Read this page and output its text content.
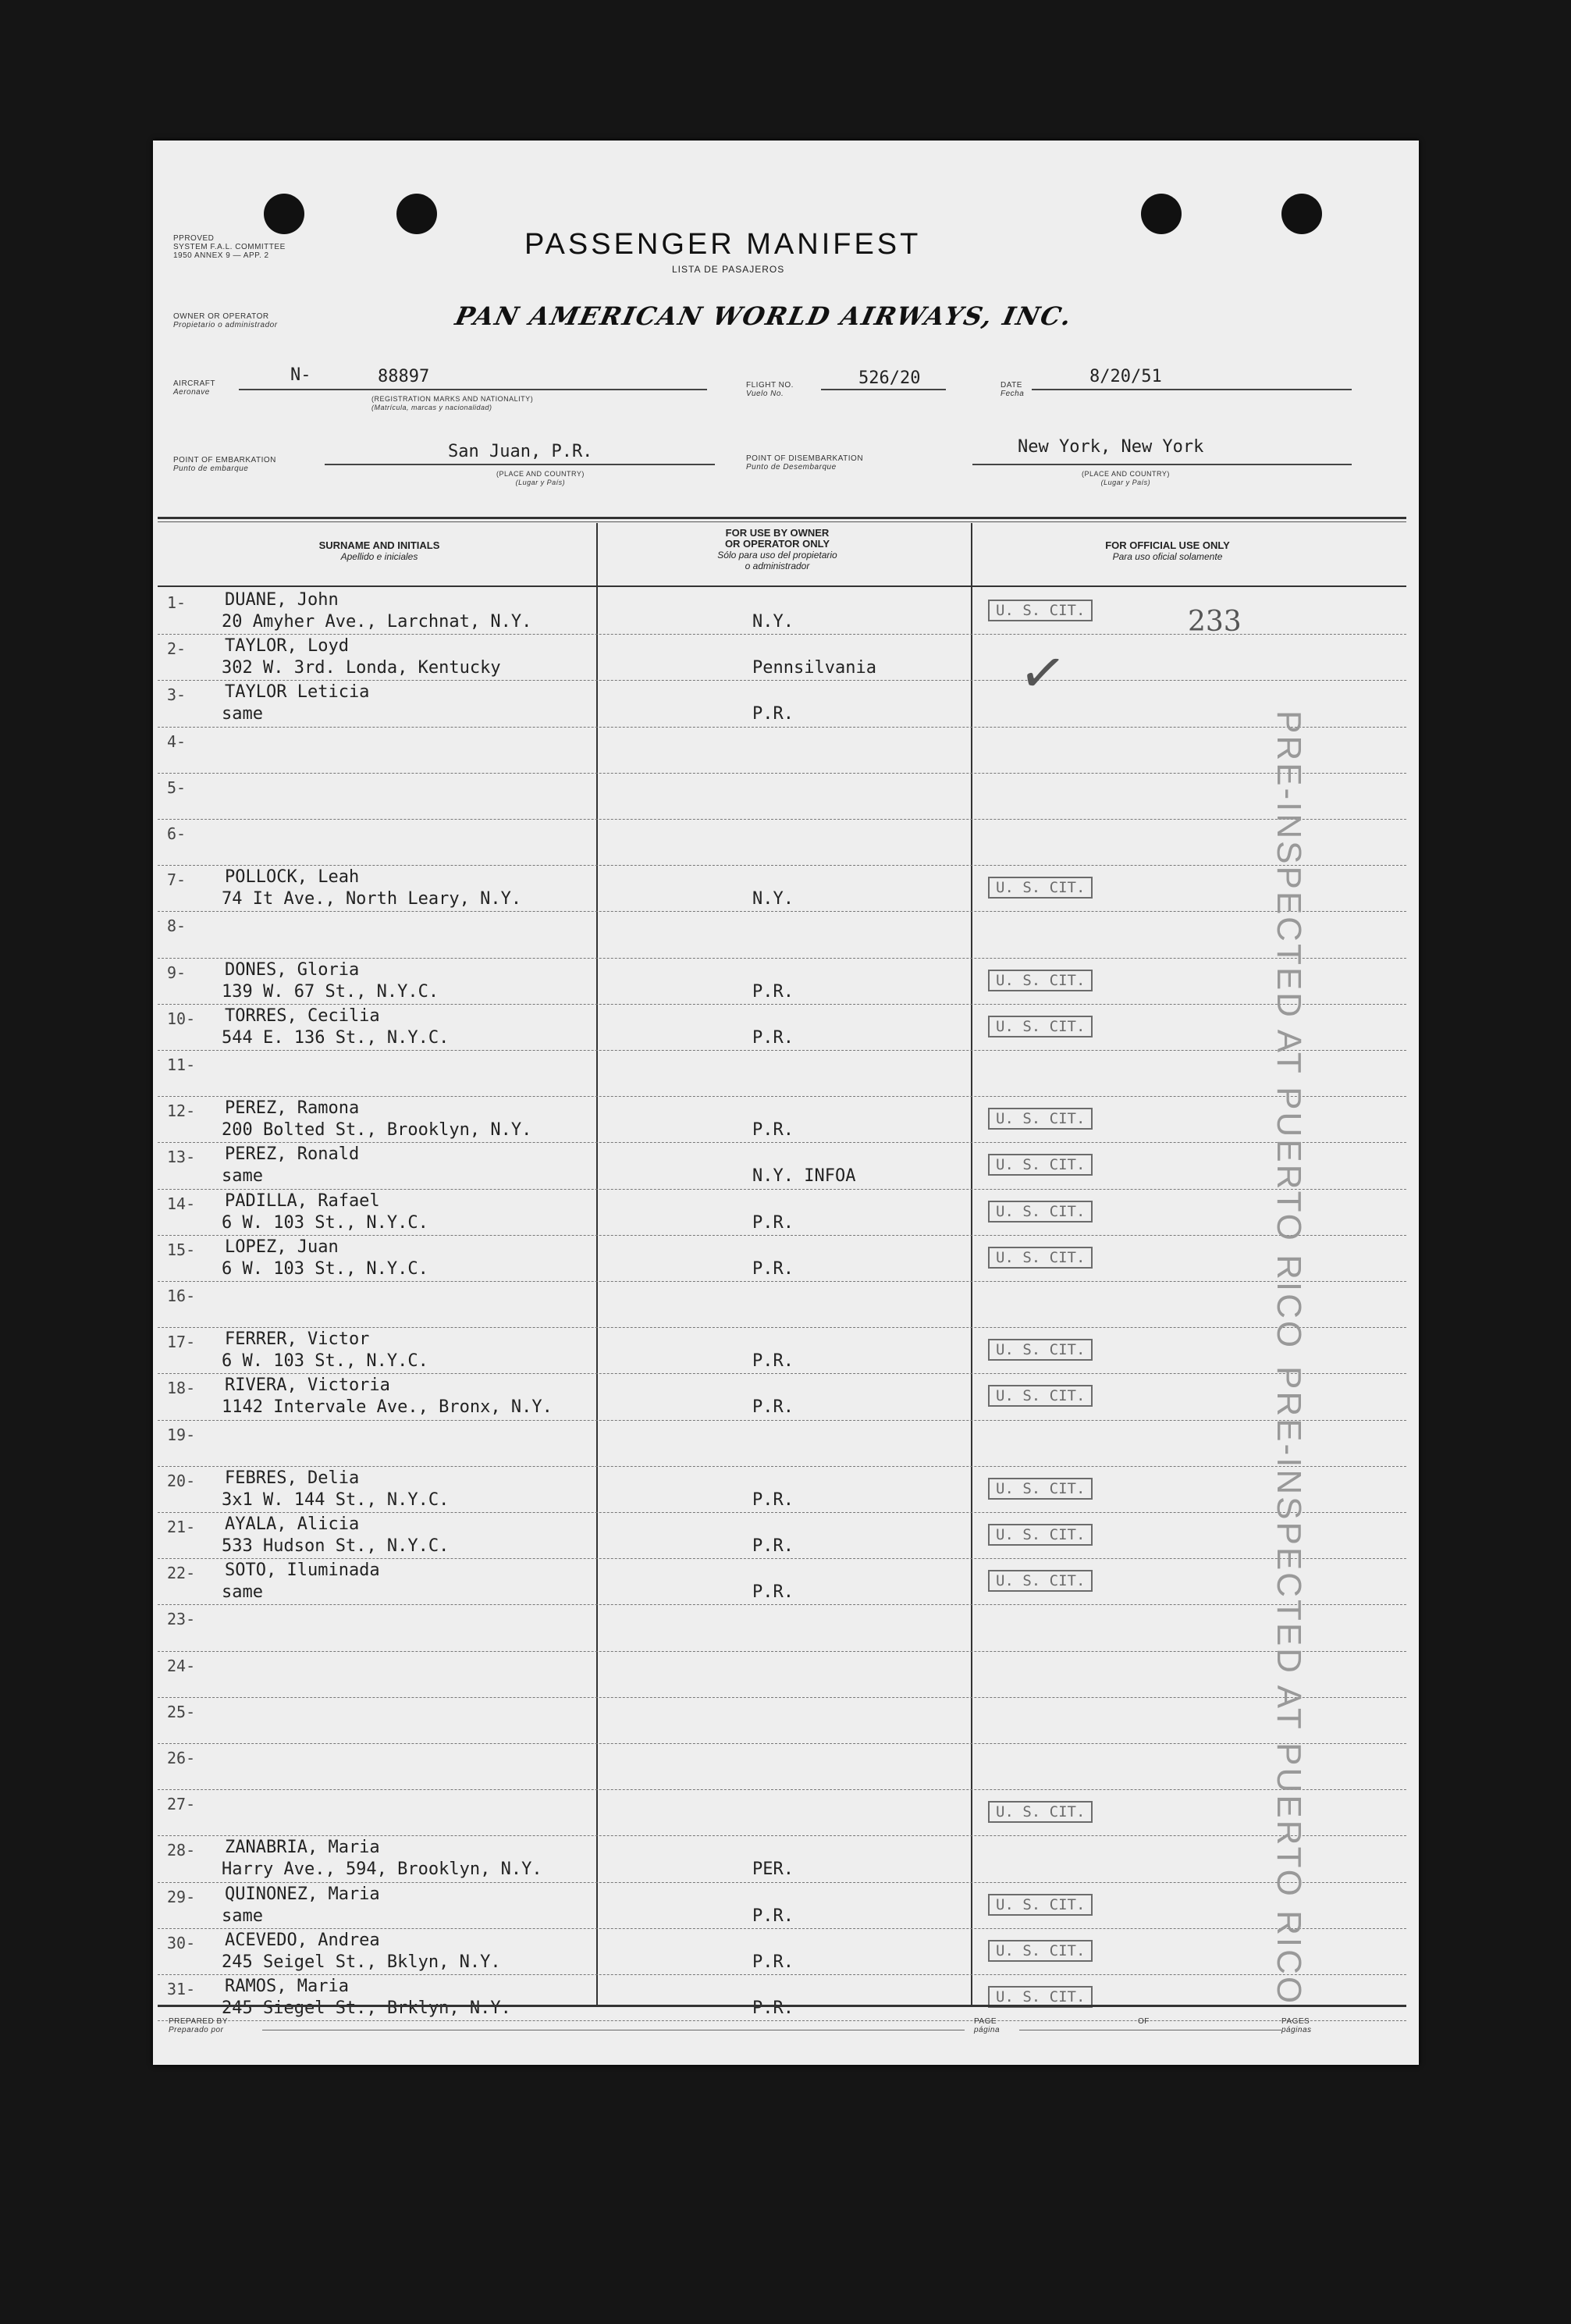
PPROVED
SYSTEM F.A.L. COMMITTEE
1950 ANNEX 9 — APP. 2	PASSENGER MANIFEST
LISTA DE PASAJEROS
OWNER OR OPERATOR
Propietario o administrador	PAN AMERICAN WORLD AIRWAYS, INC.
AIRCRAFT
Aeronave
N-	88897
(REGISTRATION MARKS AND NATIONALITY)
(Matrícula, marcas y nacionalidad)
FLIGHT NO.
Vuelo No.
526/20	DATE
Fecha
8/20/51
POINT OF EMBARKATION
Punto de embarque
San Juan, P.R.
(PLACE AND COUNTRY)
(Lugar y País)
POINT OF DISEMBARKATION
Punto de Desembarque
New York, New York
(PLACE AND COUNTRY)
(Lugar y País)
SURNAME AND INITIALS
Apellido e iniciales
FOR USE BY OWNER
OR OPERATOR ONLY
Sólo para uso del propietario
o administrador
FOR OFFICIAL USE ONLY
Para uso oficial solamente
1- DUANE, John
20 Amyher Ave., Larchnat, N.Y.	N.Y.
U. S. CIT.
2- TAYLOR, Loyd
302 W. 3rd. Londa, Kentucky	Pennsilvania
3- TAYLOR Leticia
same	P.R.
4-
5-
6-
7- POLLOCK, Leah
74 It Ave., North Leary, N.Y.	N.Y.
U. S. CIT.
8-
9- DONES, Gloria
139 W. 67 St., N.Y.C.	P.R.
U. S. CIT.
10- TORRES, Cecilia
544 E. 136 St., N.Y.C.	P.R.
U. S. CIT.
11-
12- PEREZ, Ramona
200 Bolted St., Brooklyn, N.Y.	P.R.
U. S. CIT.
13- PEREZ, Ronald
same	N.Y. INFOA
U. S. CIT.
14- PADILLA, Rafael
6 W. 103 St., N.Y.C.	P.R.
U. S. CIT.
15- LOPEZ, Juan
6 W. 103 St., N.Y.C.	P.R.
U. S. CIT.
16-
17- FERRER, Victor
6 W. 103 St., N.Y.C.	P.R.
U. S. CIT.
18- RIVERA, Victoria
1142 Intervale Ave., Bronx, N.Y.	P.R.
U. S. CIT.
19-
20- FEBRES, Delia
3x1 W. 144 St., N.Y.C.	P.R.
U. S. CIT.
21- AYALA, Alicia
533 Hudson St., N.Y.C.	P.R.
U. S. CIT.
22- SOTO, Iluminada
same	P.R.
U. S. CIT.
23-
24-
25-
26-
27-	U. S. CIT.
28- ZANABRIA, Maria
Harry Ave., 594, Brooklyn, N.Y.	PER.
29- QUINONEZ, Maria
same	P.R.
U. S. CIT.
30- ACEVEDO, Andrea
245 Seigel St., Bklyn, N.Y.	P.R.
U. S. CIT.
31- RAMOS, Maria
245 Siegel St., Brklyn, N.Y.	P.R.
U. S. CIT.
233
✓
PRE-INSPECTED AT PUERTO RICO
PRE-INSPECTED AT PUERTO RICO
PREPARED BY
Preparado por
PAGE
página
OF	PAGES
páginas
